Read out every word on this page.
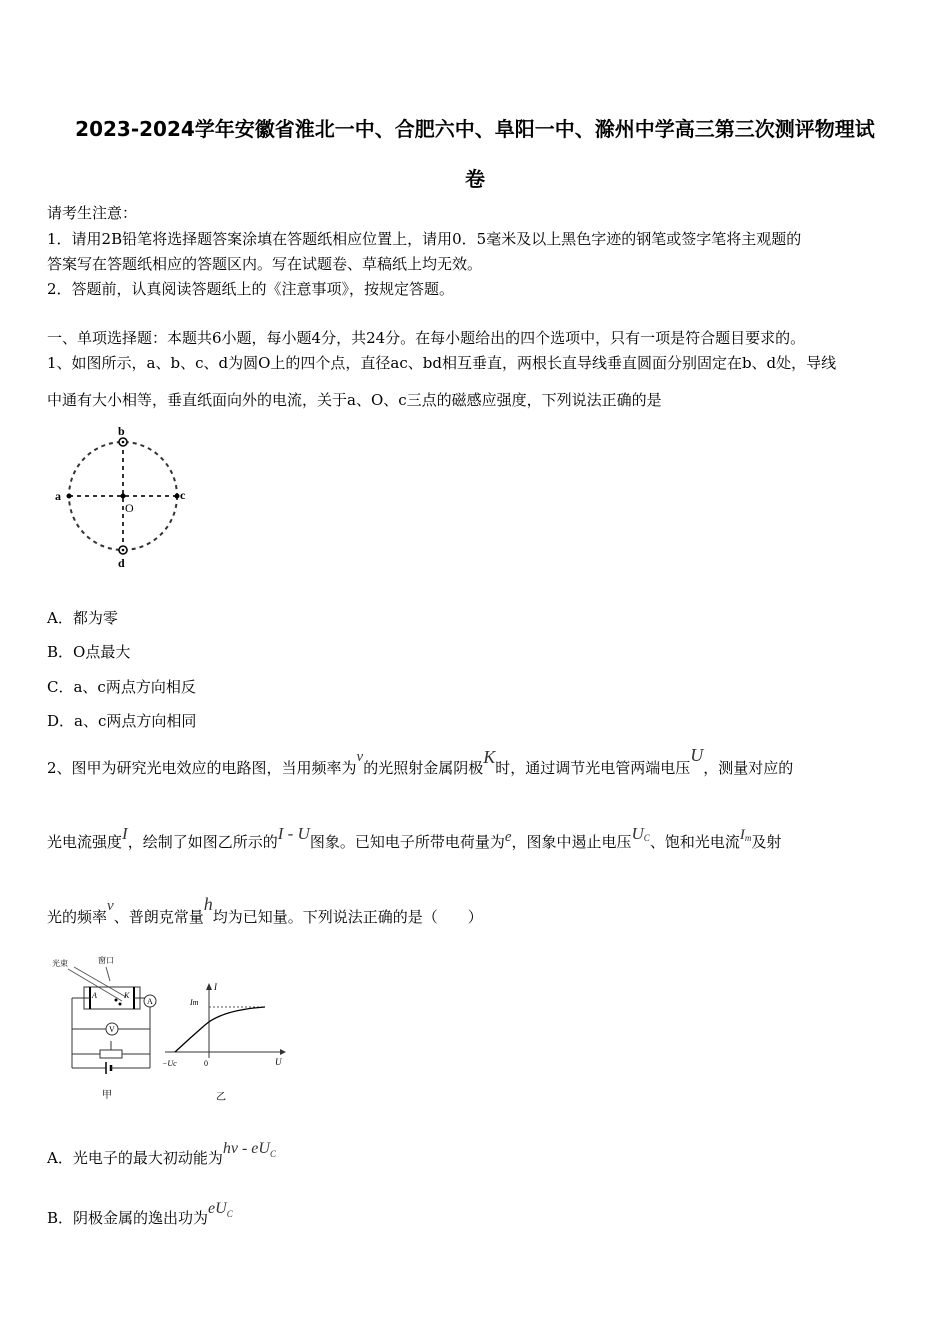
2023-2024学年安徽省淮北一中、合肥六中、阜阳一中、滁州中学高三第三次测评物理试
卷
请考生注意：
1．请用2B铅笔将选择题答案涂填在答题纸相应位置上，请用0．5毫米及以上黑色字迹的钢笔或签字笔将主观题的
答案写在答题纸相应的答题区内。写在试题卷、草稿纸上均无效。
2．答题前，认真阅读答题纸上的《注意事项》，按规定答题。
一、单项选择题：本题共6小题，每小题4分，共24分。在每小题给出的四个选项中，只有一项是符合题目要求的。
1、如图所示，a、b、c、d为圆O上的四个点，直径ac、bd相互垂直，两根长直导线垂直圆面分别固定在b、d处，导线
中通有大小相等，垂直纸面向外的电流，关于a、O、c三点的磁感应强度，下列说法正确的是
b
d
a	c
O
A．都为零
B．O点最大
C．a、c两点方向相反
D．a、c两点方向相同
2、图甲为研究光电效应的电路图，当用频率为v的光照射金属阴极K时，通过调节光电管两端电压U，测量对应的
光电流强度I，绘制了如图乙所示的I - U图象。已知电子所带电荷量为e，图象中遏止电压$U^C$、饱和光电流$I^m$及射
光的频率v、普朗克常量h均为已知量。下列说法正确的是（　　）
光束	窗口
A	K
A
V
甲
I
U
Im
−Uc	0
乙
A．光电子的最大初动能为hv - $eU^C$
B．阴极金属的逸出功为$eU^C$
